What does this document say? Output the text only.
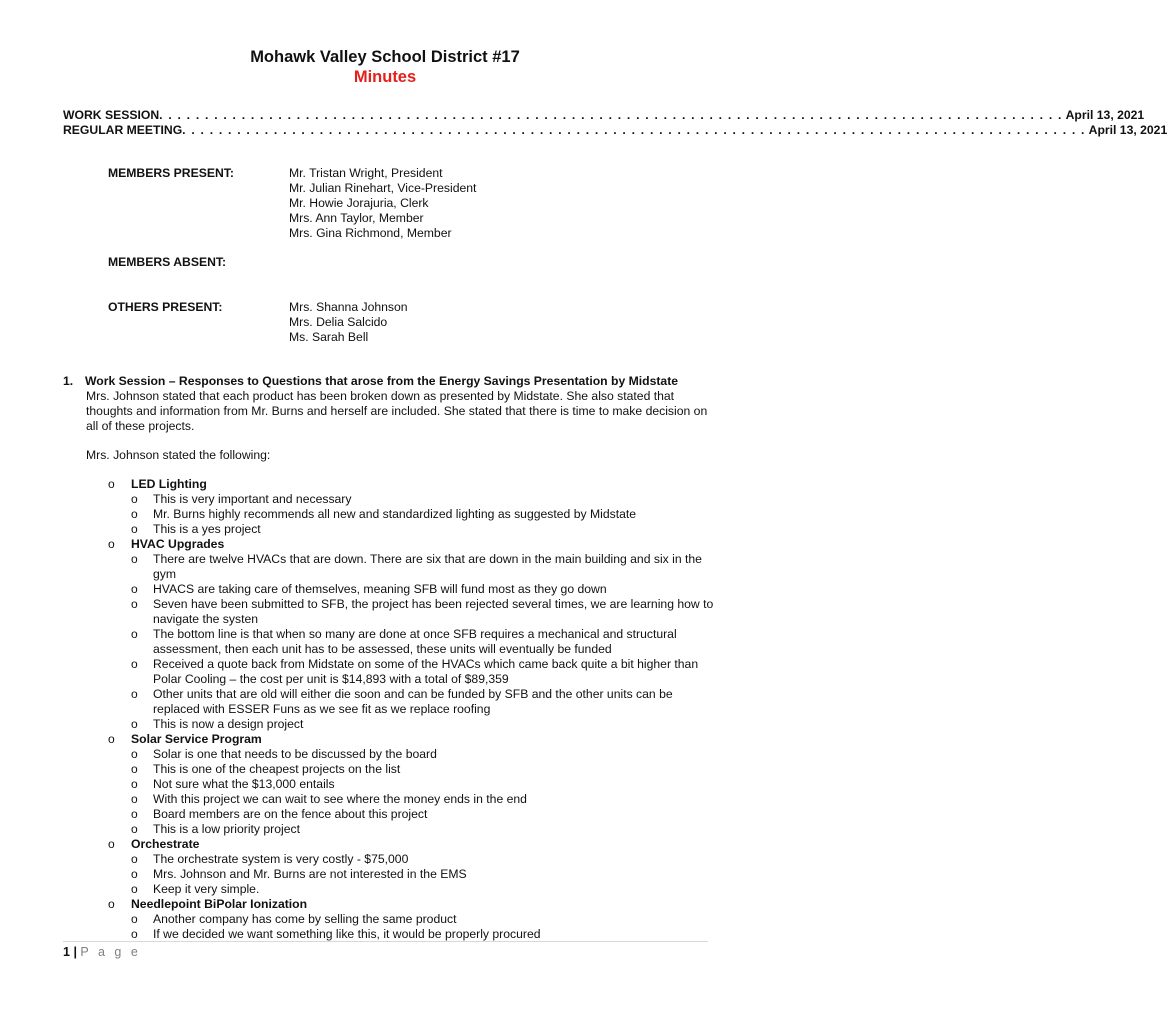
Mohawk Valley School District #17
Minutes
WORK SESSION . . . . . . . . . . . . . . . . . . . . . . . . . . . . . . . . . . . . . . . . . . . . . . . . . . . . . . . . . . . . . . . . . . . . . . . . . . . . . . . . . . . . . . . . . . . . . . . . . . . April 13, 2021
REGULAR MEETING . . . . . . . . . . . . . . . . . . . . . . . . . . . . . . . . . . . . . . . . . . . . . . . . . . . . . . . . . . . . . . . . . . . . . . . . . . . . . . . . . . . . . . . . . . . . . . . . . . . April 13, 2021
MEMBERS PRESENT:	Mr. Tristan Wright, President
Mr. Julian Rinehart, Vice-President
Mr. Howie Jorajuria, Clerk
Mrs. Ann Taylor, Member
Mrs. Gina Richmond, Member
MEMBERS ABSENT:
OTHERS PRESENT:	Mrs. Shanna Johnson
Mrs. Delia Salcido
Ms. Sarah Bell
1. Work Session – Responses to Questions that arose from the Energy Savings Presentation by Midstate
Mrs. Johnson stated that each product has been broken down as presented by Midstate. She also stated that thoughts and information from Mr. Burns and herself are included. She stated that there is time to make decision on all of these projects.
Mrs. Johnson stated the following:
o LED Lighting
o This is very important and necessary
o Mr. Burns highly recommends all new and standardized lighting as suggested by Midstate
o This is a yes project
o HVAC Upgrades
o There are twelve HVACs that are down. There are six that are down in the main building and six in the gym
o HVACS are taking care of themselves, meaning SFB will fund most as they go down
o Seven have been submitted to SFB, the project has been rejected several times, we are learning how to navigate the systen
o The bottom line is that when so many are done at once SFB requires a mechanical and structural assessment, then each unit has to be assessed, these units will eventually be funded
o Received a quote back from Midstate on some of the HVACs which came back quite a bit higher than Polar Cooling – the cost per unit is $14,893 with a total of $89,359
o Other units that are old will either die soon and can be funded by SFB and the other units can be replaced with ESSER Funs as we see fit as we replace roofing
o This is now a design project
o Solar Service Program
o Solar is one that needs to be discussed by the board
o This is one of the cheapest projects on the list
o Not sure what the $13,000 entails
o With this project we can wait to see where the money ends in the end
o Board members are on the fence about this project
o This is a low priority project
o Orchestrate
o The orchestrate system is very costly - $75,000
o Mrs. Johnson and Mr. Burns are not interested in the EMS
o Keep it very simple.
o Needlepoint BiPolar Ionization
o Another company has come by selling the same product
o If we decided we want something like this, it would be properly procured
1 | P a g e
